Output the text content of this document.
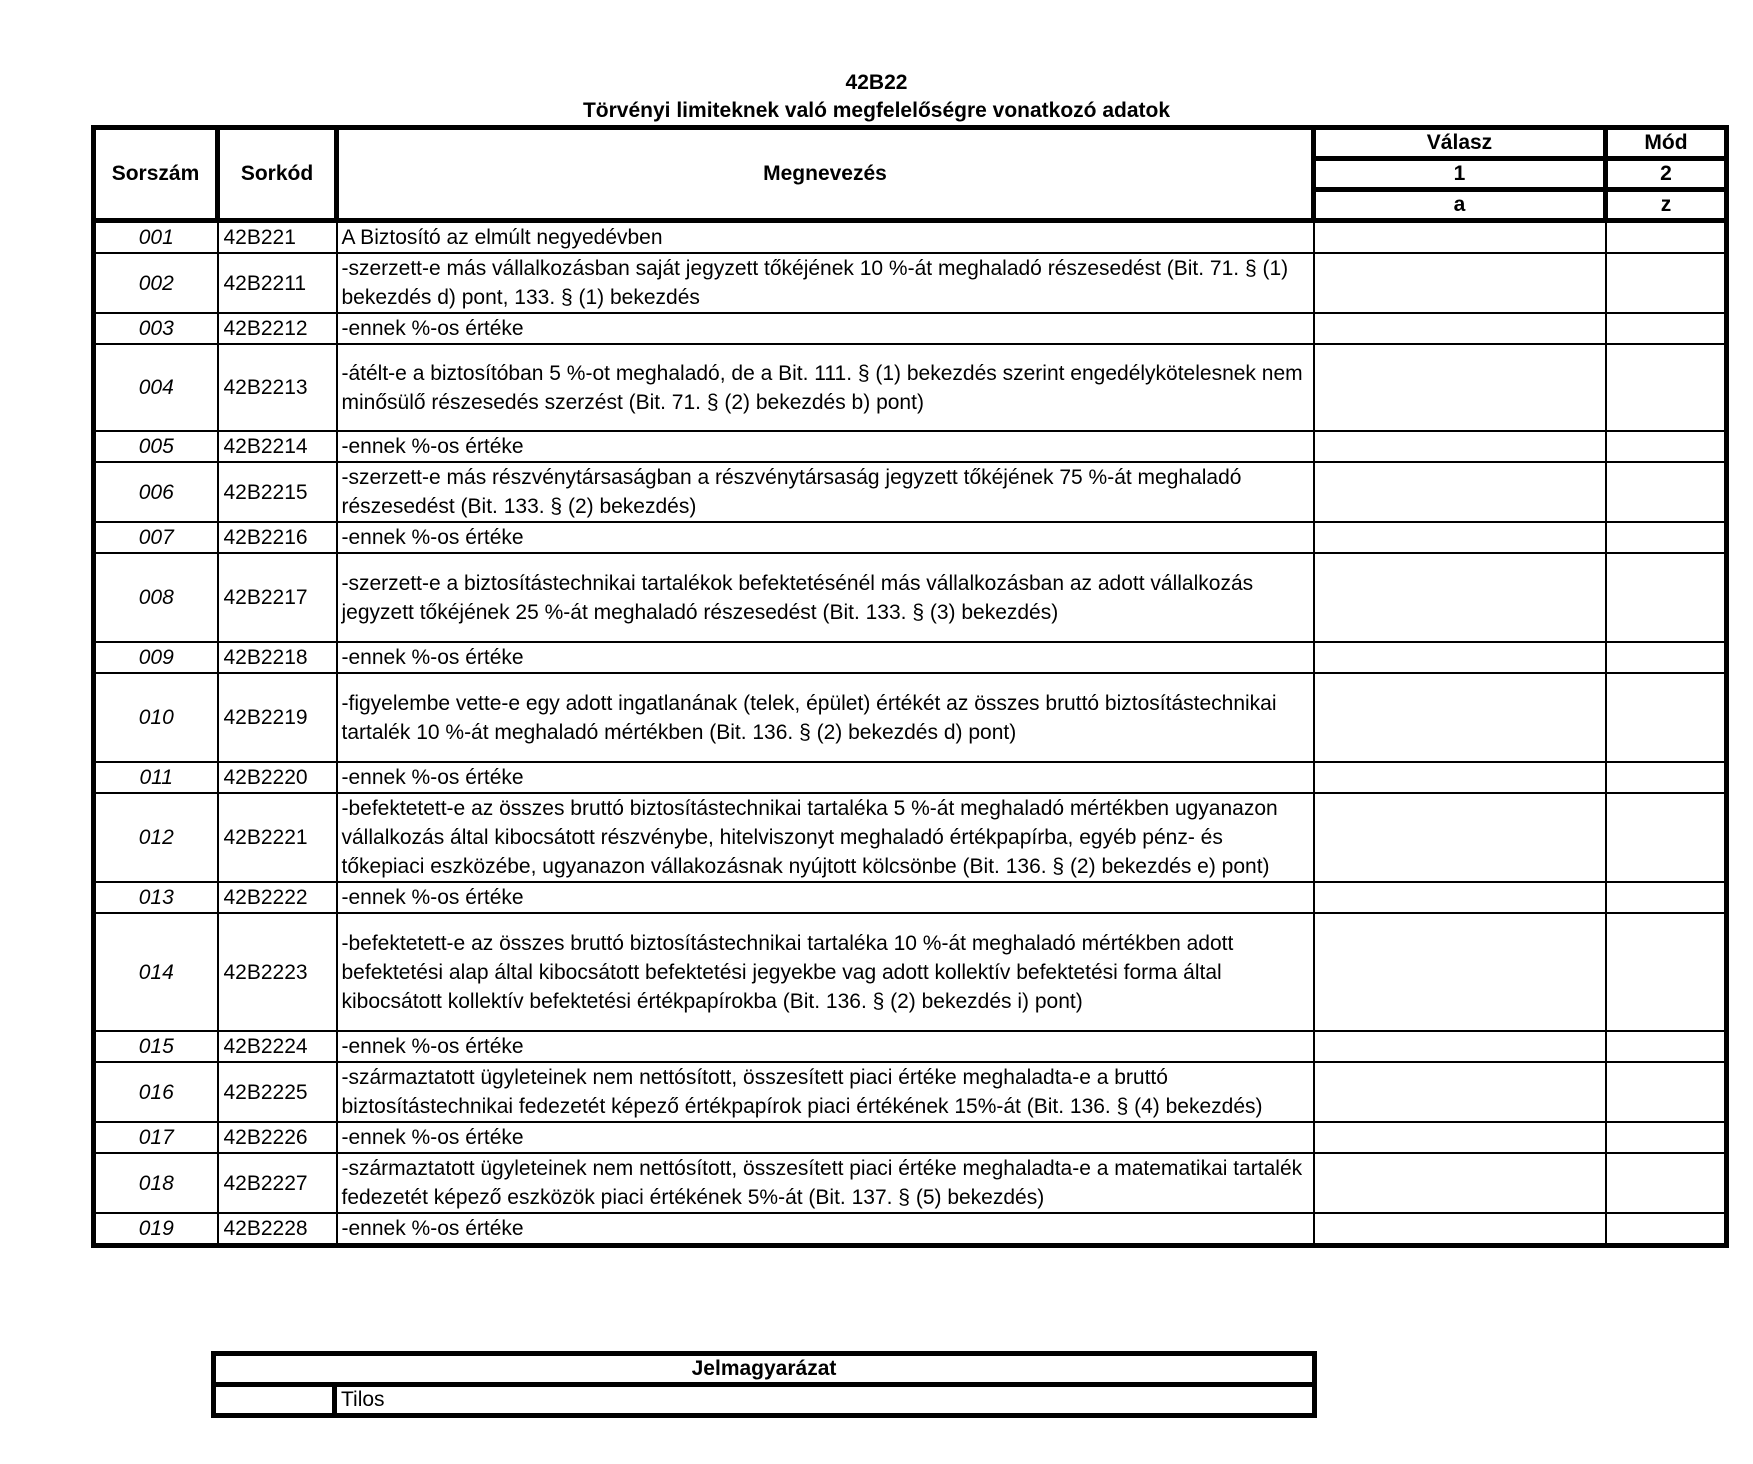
42B22
Törvényi limiteknek való megfelelőségre vonatkozó adatok
Sorszám	Sorkód	Megnevezés	Válasz	Mód
			1	2
			a	z
001	42B221	A Biztosító az elmúlt negyedévben		
002	42B2211	-szerzett-e más vállalkozásban saját jegyzett tőkéjének 10 %-át meghaladó részesedést (Bit. 71. § (1) bekezdés d) pont, 133. § (1) bekezdés		
003	42B2212	-ennek %-os értéke		
004	42B2213	-átélt-e a biztosítóban 5 %-ot meghaladó, de a Bit. 111. § (1) bekezdés szerint engedélykötelesnek nem minősülő részesedés szerzést (Bit. 71. § (2) bekezdés b) pont)		
005	42B2214	-ennek %-os értéke		
006	42B2215	-szerzett-e más részvénytársaságban a részvénytársaság jegyzett tőkéjének 75 %-át meghaladó részesedést (Bit. 133. § (2) bekezdés)		
007	42B2216	-ennek %-os értéke		
008	42B2217	-szerzett-e a biztosítástechnikai tartalékok befektetésénél más vállalkozásban az adott vállalkozás jegyzett tőkéjének 25 %-át meghaladó részesedést (Bit. 133. § (3) bekezdés)		
009	42B2218	-ennek %-os értéke		
010	42B2219	-figyelembe vette-e egy adott ingatlanának (telek, épület) értékét az összes bruttó biztosítástechnikai tartalék 10 %-át meghaladó mértékben (Bit. 136. § (2) bekezdés d) pont)		
011	42B2220	-ennek %-os értéke		
012	42B2221	-befektetett-e az összes bruttó biztosítástechnikai tartaléka 5 %-át meghaladó mértékben ugyanazon vállalkozás által kibocsátott részvénybe, hitelviszonyt meghaladó értékpapírba, egyéb pénz- és tőkepiaci eszközébe, ugyanazon vállakozásnak nyújtott kölcsönbe (Bit. 136. § (2) bekezdés e) pont)		
013	42B2222	-ennek %-os értéke		
014	42B2223	-befektetett-e az összes bruttó biztosítástechnikai tartaléka 10 %-át meghaladó mértékben adott befektetési alap által kibocsátott befektetési jegyekbe vag adott kollektív befektetési forma által kibocsátott kollektív befektetési értékpapírokba (Bit. 136. § (2) bekezdés i) pont)		
015	42B2224	-ennek %-os értéke		
016	42B2225	-származtatott ügyleteinek nem nettósított, összesített piaci értéke meghaladta-e a bruttó biztosítástechnikai fedezetét képező értékpapírok piaci értékének 15%-át (Bit. 136. § (4) bekezdés)		
017	42B2226	-ennek %-os értéke		
018	42B2227	-származtatott ügyleteinek nem nettósított, összesített piaci értéke meghaladta-e a matematikai tartalék fedezetét képező eszközök piaci értékének 5%-át (Bit. 137. § (5) bekezdés)		
019	42B2228	-ennek %-os értéke		
Jelmagyarázat
	Tilos
